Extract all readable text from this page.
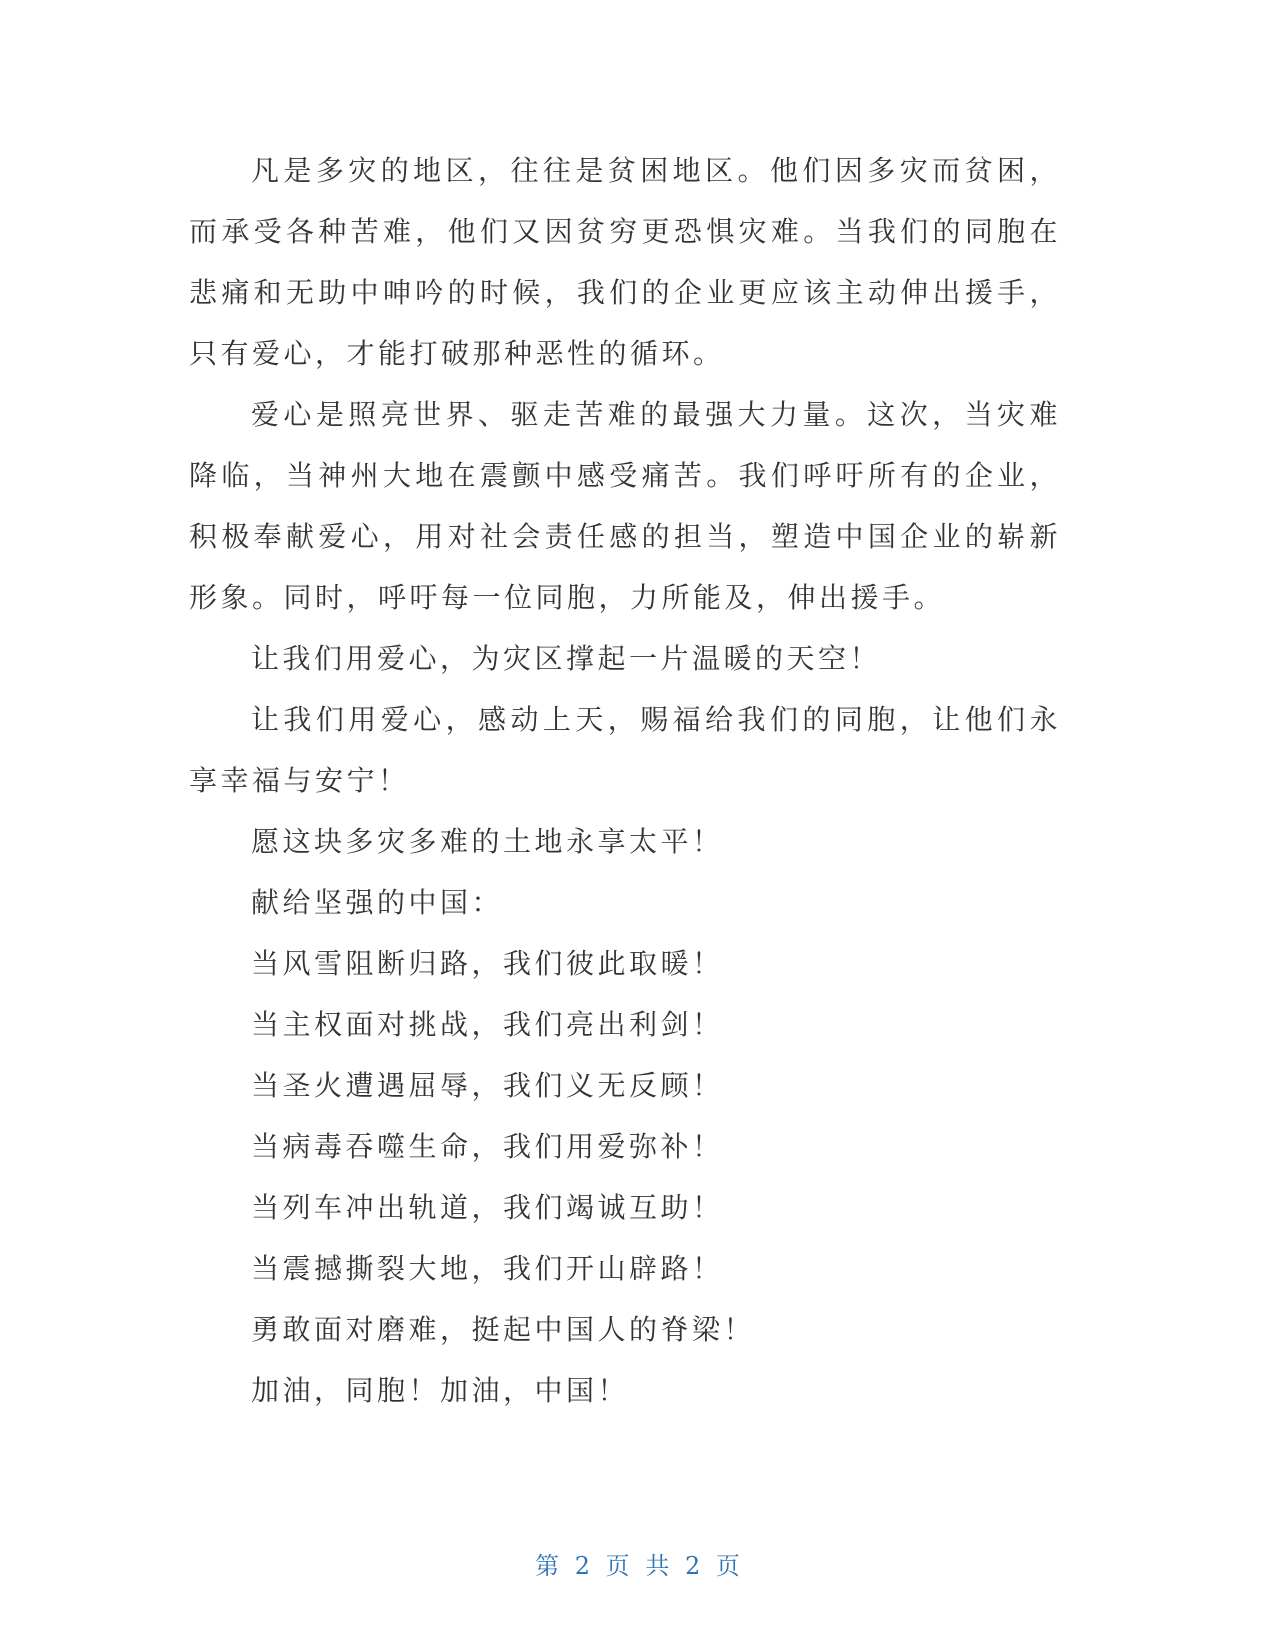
凡是多灾的地区，往往是贫困地区。他们因多灾而贫困，而承受各种苦难，他们又因贫穷更恐惧灾难。当我们的同胞在悲痛和无助中呻吟的时候，我们的企业更应该主动伸出援手，只有爱心，才能打破那种恶性的循环。

爱心是照亮世界、驱走苦难的最强大力量。这次，当灾难降临，当神州大地在震颤中感受痛苦。我们呼吁所有的企业，积极奉献爱心，用对社会责任感的担当，塑造中国企业的崭新形象。同时，呼吁每一位同胞，力所能及，伸出援手。

让我们用爱心，为灾区撑起一片温暖的天空！

让我们用爱心，感动上天，赐福给我们的同胞，让他们永享幸福与安宁！

愿这块多灾多难的土地永享太平！

献给坚强的中国：

当风雪阻断归路，我们彼此取暖！

当主权面对挑战，我们亮出利剑！

当圣火遭遇屈辱，我们义无反顾！

当病毒吞噬生命，我们用爱弥补！

当列车冲出轨道，我们竭诚互助！

当震撼撕裂大地，我们开山辟路！

勇敢面对磨难，挺起中国人的脊梁！

加油，同胞！加油，中国！

第 2 页 共 2 页
